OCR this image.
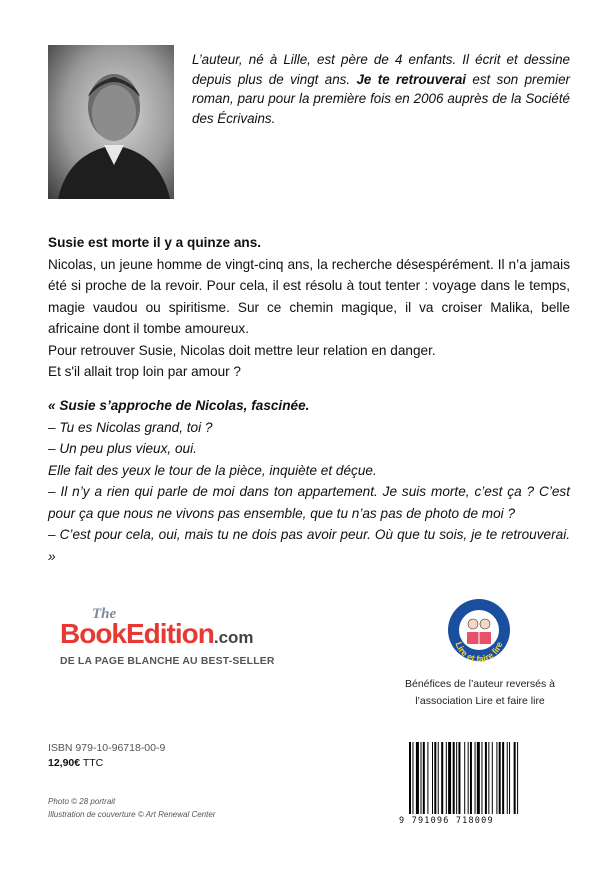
L’auteur, né à Lille, est père de 4 enfants. Il écrit et dessine depuis plus de vingt ans. Je te retrouverai est son premier roman, paru pour la première fois en 2006 auprès de la Société des Écrivains.

Susie est morte il y a quinze ans.

Nicolas, un jeune homme de vingt-cinq ans, la recherche désespérément. Il n’a jamais été si proche de la revoir. Pour cela, il est résolu à tout tenter : voyage dans le temps, magie vaudou ou spiritisme. Sur ce chemin magique, il va croiser Malika, belle africaine dont il tombe amoureux.

Pour retrouver Susie, Nicolas doit mettre leur relation en danger.

Et s'il allait trop loin par amour ?

« Susie s’approche de Nicolas, fascinée.

– Tu es Nicolas grand, toi ?

– Un peu plus vieux, oui.

Elle fait des yeux le tour de la pièce, inquiète et déçue.

– Il n’y a rien qui parle de moi dans ton appartement. Je suis morte, c’est ça ? C’est pour ça que nous ne vivons pas ensemble, que tu n’as pas de photo de moi ?

– C’est pour cela, oui, mais tu ne dois pas avoir peur. Où que tu sois, je te retrouverai. »

The
BookEdition.com
DE LA PAGE BLANCHE AU BEST-SELLER
Lire et faire lire
Bénéfices de l’auteur reversés à
l’association Lire et faire lire
ISBN 979-10-96718-00-9
12,90€ TTC
Photo © 28 portrait
Illustration de couverture © Art Renewal Center
9 791096 718009
